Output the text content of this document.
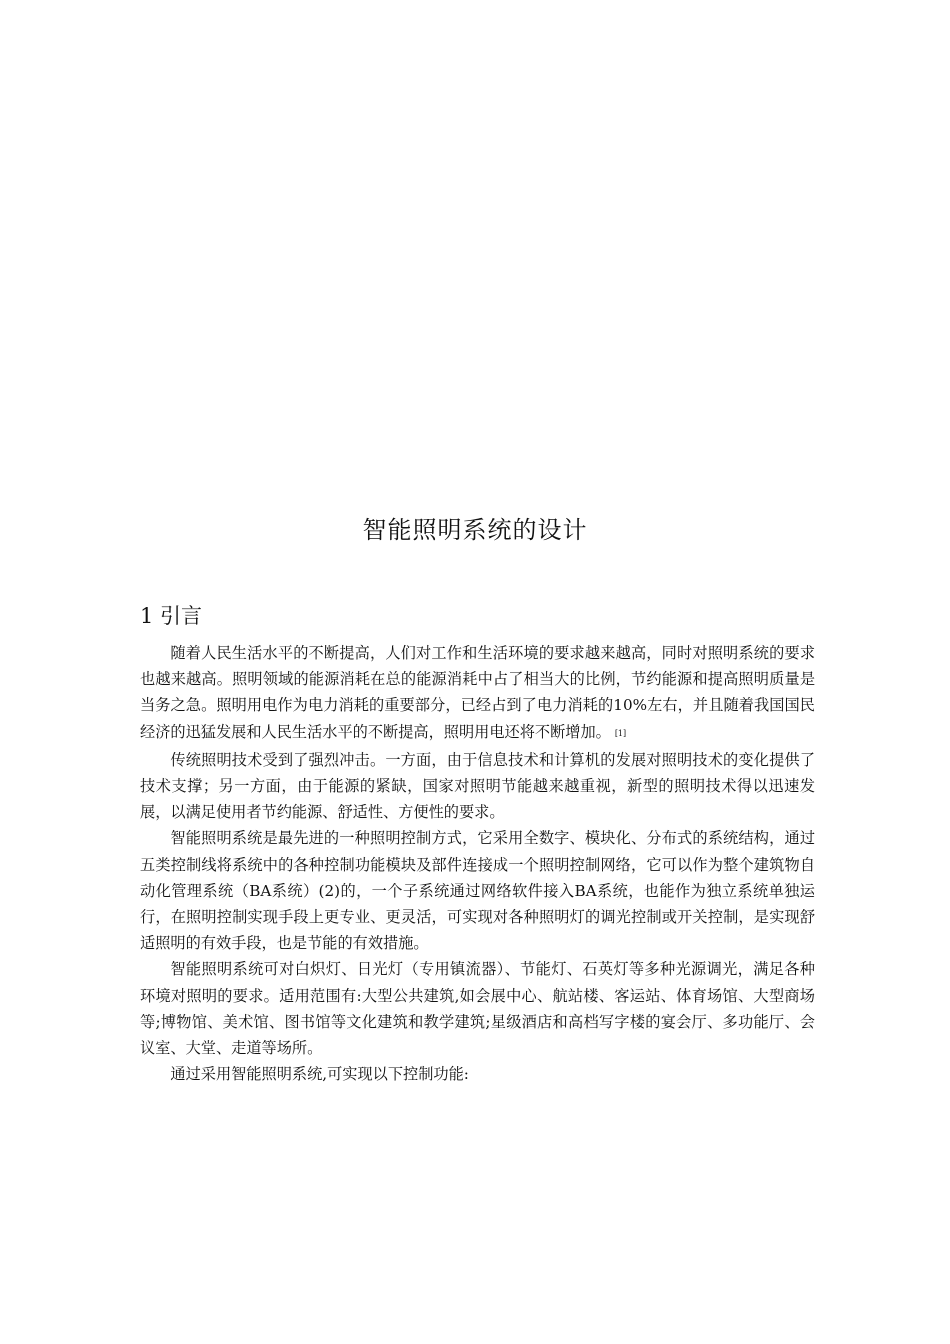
智能照明系统的设计
1 引言

随着人民生活水平的不断提高，人们对工作和生活环境的要求越来越高，同时对照明系统的要求也越来越高。照明领域的能源消耗在总的能源消耗中占了相当大的比例，节约能源和提高照明质量是当务之急。照明用电作为电力消耗的重要部分，已经占到了电力消耗的10%左右，并且随着我国国民经济的迅猛发展和人民生活水平的不断提高，照明用电还将不断增加。 [1]

传统照明技术受到了强烈冲击。一方面，由于信息技术和计算机的发展对照明技术的变化提供了技术支撑；另一方面，由于能源的紧缺，国家对照明节能越来越重视，新型的照明技术得以迅速发展，以满足使用者节约能源、舒适性、方便性的要求。

智能照明系统是最先进的一种照明控制方式，它采用全数字、模块化、分布式的系统结构，通过五类控制线将系统中的各种控制功能模块及部件连接成一个照明控制网络，它可以作为整个建筑物自动化管理系统（BA系统）(2)的，一个子系统通过网络软件接入BA系统，也能作为独立系统单独运行，在照明控制实现手段上更专业、更灵活，可实现对各种照明灯的调光控制或开关控制，是实现舒适照明的有效手段，也是节能的有效措施。

智能照明系统可对白炽灯、日光灯（专用镇流器）、节能灯、石英灯等多种光源调光，满足各种环境对照明的要求。适用范围有:大型公共建筑,如会展中心、航站楼、客运站、体育场馆、大型商场等;博物馆、美术馆、图书馆等文化建筑和教学建筑;星级酒店和高档写字楼的宴会厅、多功能厅、会议室、大堂、走道等场所。

通过采用智能照明系统,可实现以下控制功能:
